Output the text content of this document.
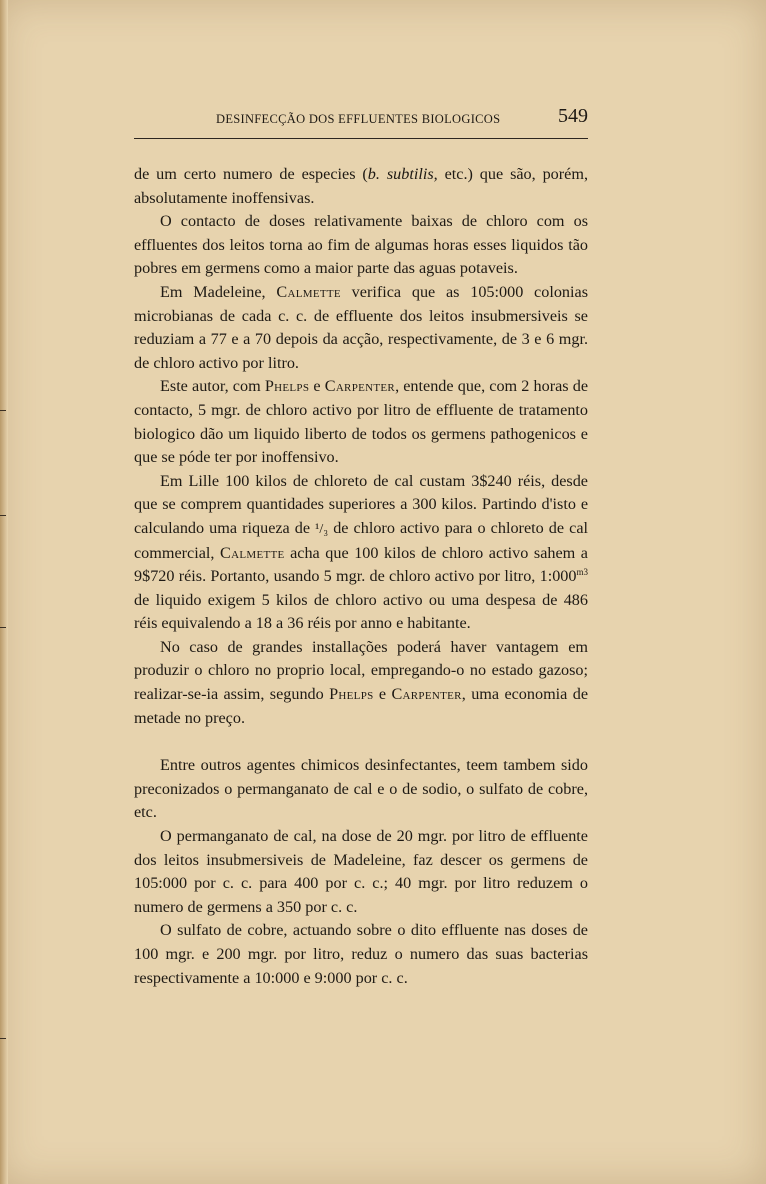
DESINFECÇÃO DOS EFFLUENTES BIOLOGICOS	549

de um certo numero de especies (b. subtilis, etc.) que são, porém, absolutamente inoffensivas.

O contacto de doses relativamente baixas de chloro com os effluentes dos leitos torna ao fim de algumas horas esses liquidos tão pobres em germens como a maior parte das aguas potaveis.

Em Madeleine, Calmette verifica que as 105:000 colonias microbianas de cada c. c. de effluente dos leitos insubmersiveis se reduziam a 77 e a 70 depois da acção, respectivamente, de 3 e 6 mgr. de chloro activo por litro.

Este autor, com Phelps e Carpenter, entende que, com 2 horas de contacto, 5 mgr. de chloro activo por litro de effluente de tratamento biologico dão um liquido liberto de todos os germens pathogenicos e que se póde ter por inoffensivo.

Em Lille 100 kilos de chloreto de cal custam 3$240 réis, desde que se comprem quantidades superiores a 300 kilos. Partindo d'isto e calculando uma riqueza de ¹/₃ de chloro activo para o chloreto de cal commercial, Calmette acha que 100 kilos de chloro activo sahem a 9$720 réis. Portanto, usando 5 mgr. de chloro activo por litro, $1:000^{m3}$ de liquido exigem 5 kilos de chloro activo ou uma despesa de 486 réis equivalendo a 18 a 36 réis por anno e habitante.

No caso de grandes installações poderá haver vantagem em produzir o chloro no proprio local, empregando-o no estado gazoso; realizar-se-ia assim, segundo Phelps e Carpenter, uma economia de metade no preço.

Entre outros agentes chimicos desinfectantes, teem tambem sido preconizados o permanganato de cal e o de sodio, o sulfato de cobre, etc.

O permanganato de cal, na dose de 20 mgr. por litro de effluente dos leitos insubmersiveis de Madeleine, faz descer os germens de 105:000 por c. c. para 400 por c. c.; 40 mgr. por litro reduzem o numero de germens a 350 por c. c.

O sulfato de cobre, actuando sobre o dito effluente nas doses de 100 mgr. e 200 mgr. por litro, reduz o numero das suas bacterias respectivamente a 10:000 e 9:000 por c. c.
